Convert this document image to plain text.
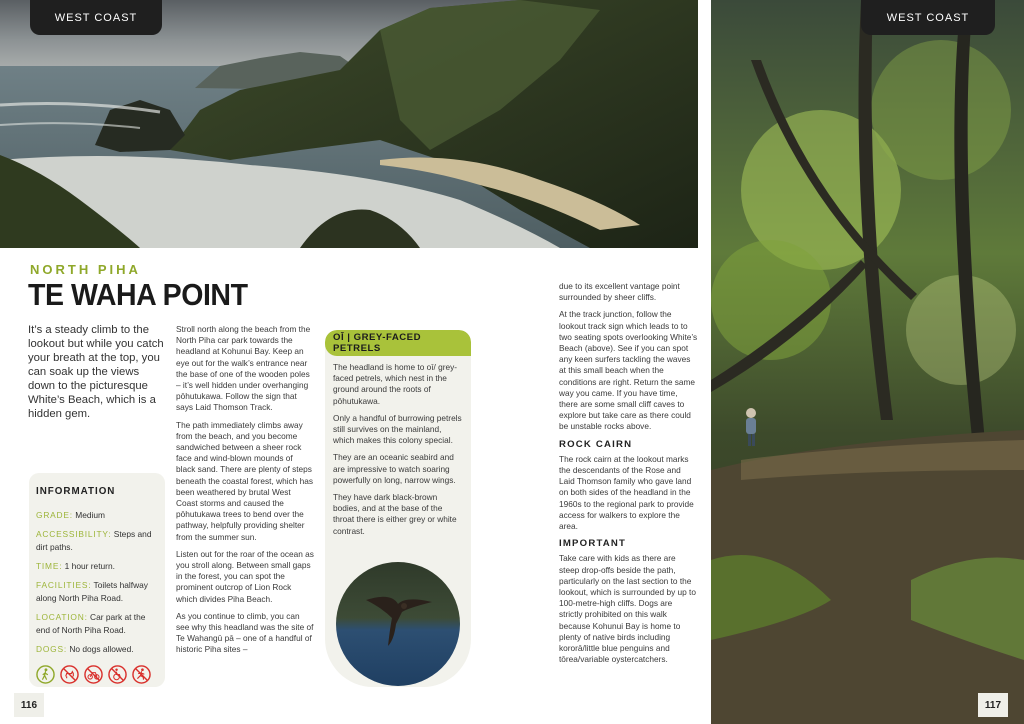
WEST COAST	WEST COAST
NORTH PIHA
TE WAHA POINT
It’s a steady climb to the lookout but while you catch your breath at the top, you can soak up the views down to the picturesque White’s Beach, which is a hidden gem.
INFORMATION
GRADE: Medium
ACCESSIBILITY: Steps and dirt paths.
TIME: 1 hour return.
FACILITIES: Toilets halfway along North Piha Road.
LOCATION: Car park at the end of North Piha Road.
DOGS: No dogs allowed.

Stroll north along the beach from the North Piha car park towards the headland at Kohunui Bay. Keep an eye out for the walk’s entrance near the base of one of the wooden poles – it’s well hidden under overhanging pōhutukawa. Follow the sign that says Laid Thomson Track.

The path immediately climbs away from the beach, and you become sandwiched between a sheer rock face and wind-blown mounds of black sand. There are plenty of steps beneath the coastal forest, which has been weathered by brutal West Coast storms and caused the pōhutukawa trees to bend over the pathway, helpfully providing shelter from the summer sun.

Listen out for the roar of the ocean as you stroll along. Between small gaps in the forest, you can spot the prominent outcrop of Lion Rock which divides Piha Beach.

As you continue to climb, you can see why this headland was the site of Te Wahangū pā – one of a handful of historic Piha sites –

OĪ | GREY-FACED PETRELS

The headland is home to oī/ grey-faced petrels, which nest in the ground around the roots of pōhutukawa.

Only a handful of burrowing petrels still survives on the mainland, which makes this colony special.

They are an oceanic seabird and are impressive to watch soaring powerfully on long, narrow wings.

They have dark black-brown bodies, and at the base of the throat there is either grey or white contrast.

due to its excellent vantage point surrounded by sheer cliffs.

At the track junction, follow the lookout track sign which leads to to two seating spots overlooking White’s Beach (above). See if you can spot any keen surfers tackling the waves at this small beach when the conditions are right. Return the same way you came. If you have time, there are some small cliff caves to explore but take care as there could be unstable rocks above.

ROCK CAIRN

The rock cairn at the lookout marks the descendants of the Rose and Laid Thomson family who gave land on both sides of the headland in the 1960s to the regional park to provide access for walkers to explore the area.

IMPORTANT

Take care with kids as there are steep drop-offs beside the path, particularly on the last section to the lookout, which is surrounded by up to 100-metre-high cliffs. Dogs are strictly prohibited on this walk because Kohunui Bay is home to plenty of native birds including kororā/little blue penguins and tōrea/variable oystercatchers.

116	117
